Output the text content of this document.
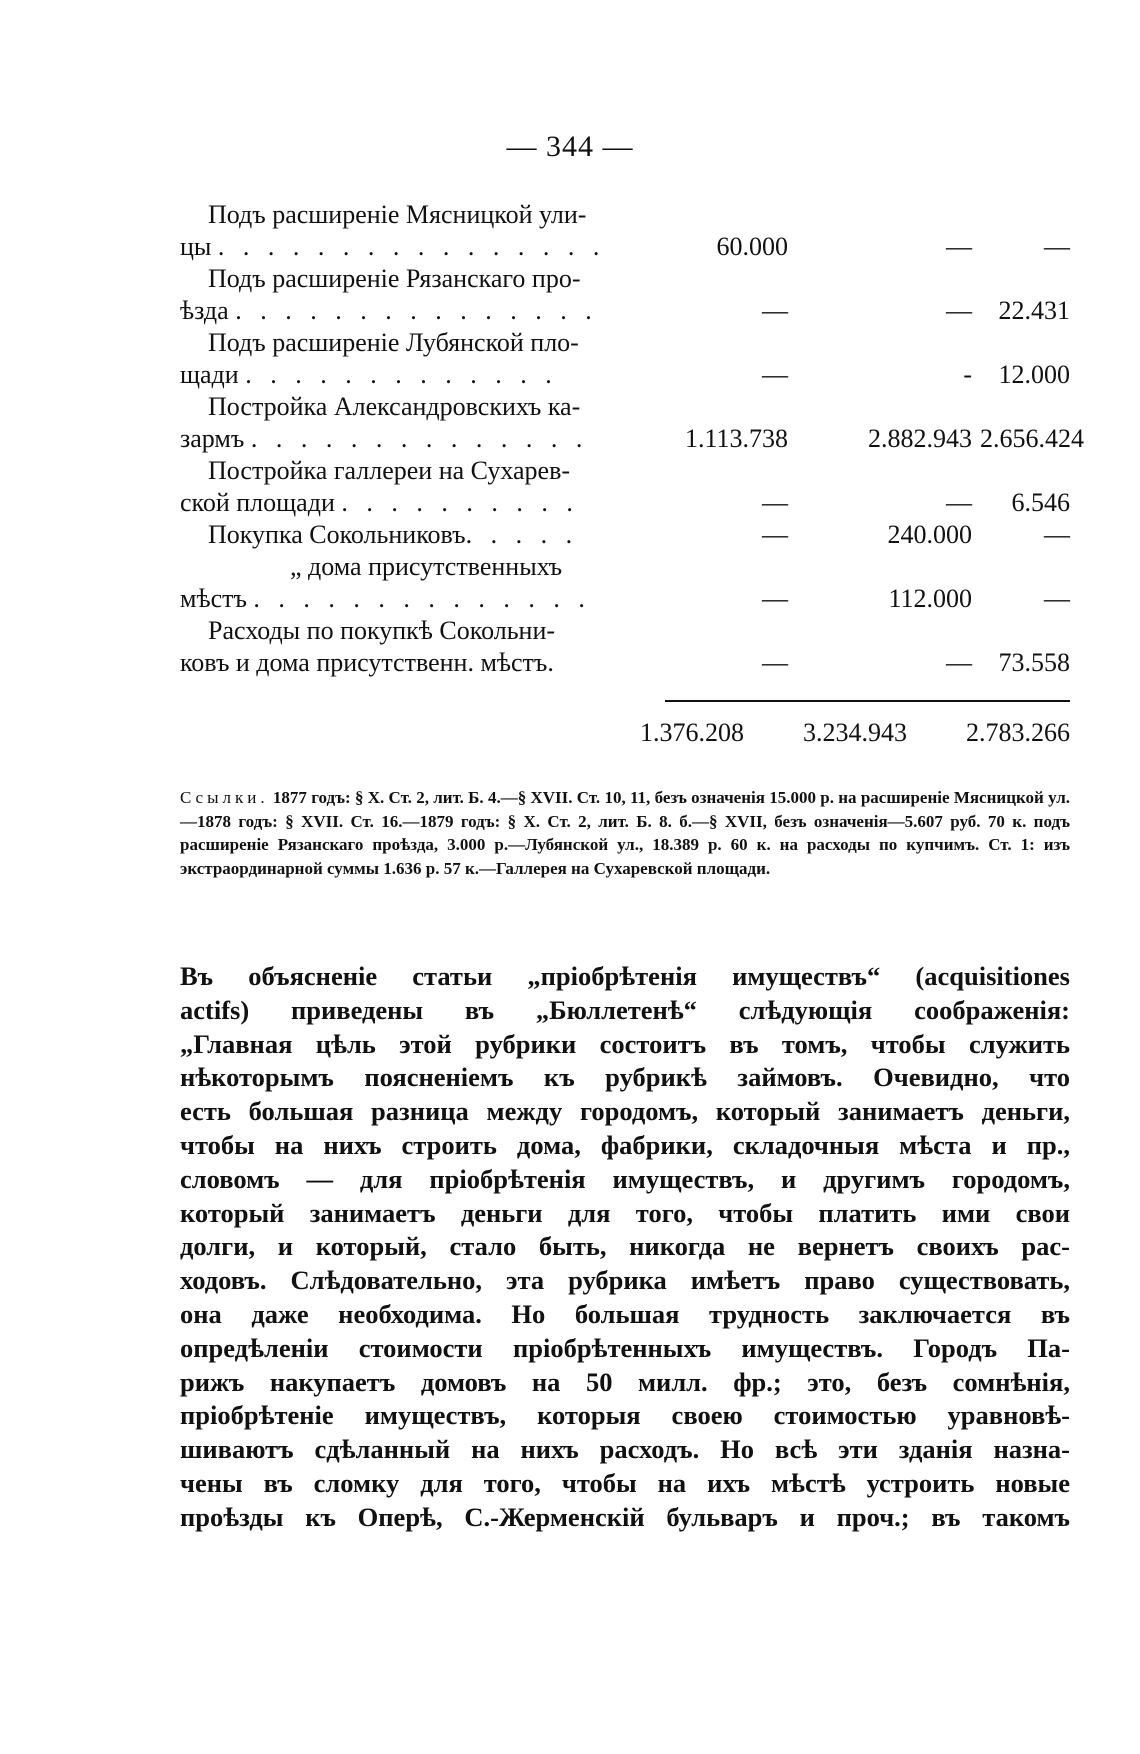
— 344 —
Подъ расширеніе Мясницкой ули-
цы . . . . . . . . . . . . . . . .	60.000	—	—
Подъ расширеніе Рязанскаго про-
ѣзда . . . . . . . . . . . . . . .	—	—	22.431
Подъ расширеніе Лубянской пло-
щади . . . . . . . . . . . . .	—	-	12.000
Постройка Александровскихъ ка-
зармъ . . . . . . . . . . . . . .	1.113.738	2.882.943 2.656.424
Постройка галлереи на Сухарев-
ской площади . . . . . . . . . .	—	—	6.546
Покупка Сокольниковъ. . . . .	—	240.000	—
„ дома присутственныхъ
мѣстъ . . . . . . . . . . . . . .	—	112.000	—
Расходы по покупкѣ Сокольни-
ковъ и дома присутственн. мѣстъ.	—	—	73.558
1.376.208 3.234.943 2.783.266
Ссылки. 1877 годъ: § X. Ст. 2, лит. Б. 4.—§ XVII. Ст. 10, 11, безъ означенія 15.000 р. на расширеніе Мясницкой ул.—1878 годъ: § XVII. Ст. 16.—1879 годъ: § X. Ст. 2, лит. Б. 8. б.—§ XVII, безъ означенія—5.607 руб. 70 к. подъ расширеніе Рязанскаго проѣзда, 3.000 р.—Лубянской ул., 18.389 р. 60 к. на расходы по купчимъ. Ст. 1: изъ экстраординарной суммы 1.636 р. 57 к.—Галлерея на Сухаревской площади.
Въ объясненіе статьи „пріобрѣтенія имуществъ“ (acquisitiones
actifs) приведены въ „Бюллетенѣ“ слѣдующія соображенія:
„Главная цѣль этой рубрики состоитъ въ томъ, чтобы служить
нѣкоторымъ поясненіемъ къ рубрикѣ займовъ. Очевидно, что
есть большая разница между городомъ, который занимаетъ деньги,
чтобы на нихъ строить дома, фабрики, складочныя мѣста и пр.,
словомъ — для пріобрѣтенія имуществъ, и другимъ городомъ,
который занимаетъ деньги для того, чтобы платить ими свои
долги, и который, стало быть, никогда не вернетъ своихъ рас-
ходовъ. Слѣдовательно, эта рубрика имѣетъ право существовать,
она даже необходима. Но большая трудность заключается въ
опредѣленіи стоимости пріобрѣтенныхъ имуществъ. Городъ Па-
рижъ накупаетъ домовъ на 50 милл. фр.; это, безъ сомнѣнія,
пріобрѣтеніе имуществъ, которыя своею стоимостью уравновѣ-
шиваютъ сдѣланный на нихъ расходъ. Но всѣ эти зданія назна-
чены въ сломку для того, чтобы на ихъ мѣстѣ устроить новые
проѣзды къ Оперѣ, С.-Жерменскій бульваръ и проч.; въ такомъ
